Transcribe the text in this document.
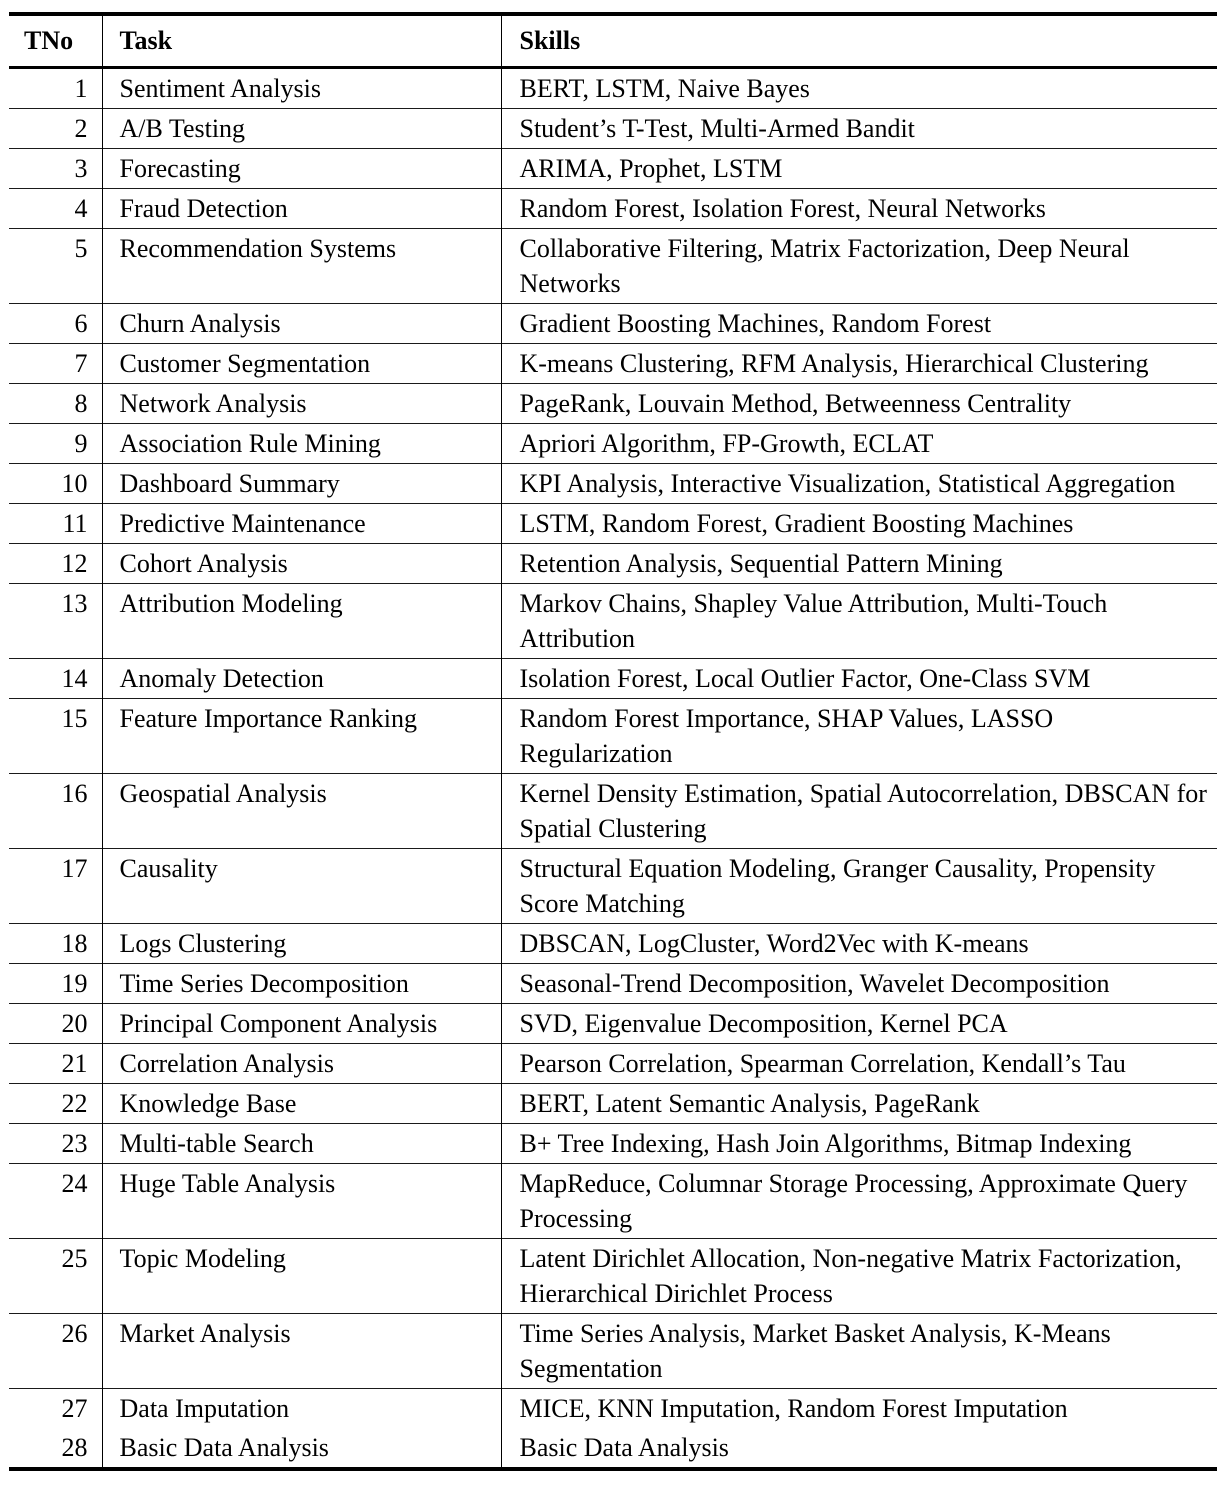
TNo	Task	Skills
1	Sentiment Analysis	BERT, LSTM, Naive Bayes
2	A/B Testing	Student’s T-Test, Multi-Armed Bandit
3	Forecasting	ARIMA, Prophet, LSTM
4	Fraud Detection	Random Forest, Isolation Forest, Neural Networks
5	Recommendation Systems	Collaborative Filtering, Matrix Factorization, Deep Neural Networks
6	Churn Analysis	Gradient Boosting Machines, Random Forest
7	Customer Segmentation	K-means Clustering, RFM Analysis, Hierarchical Clustering
8	Network Analysis	PageRank, Louvain Method, Betweenness Centrality
9	Association Rule Mining	Apriori Algorithm, FP-Growth, ECLAT
10	Dashboard Summary	KPI Analysis, Interactive Visualization, Statistical Aggregation
11	Predictive Maintenance	LSTM, Random Forest, Gradient Boosting Machines
12	Cohort Analysis	Retention Analysis, Sequential Pattern Mining
13	Attribution Modeling	Markov Chains, Shapley Value Attribution, Multi-Touch Attribution
14	Anomaly Detection	Isolation Forest, Local Outlier Factor, One-Class SVM
15	Feature Importance Ranking	Random Forest Importance, SHAP Values, LASSO Regularization
16	Geospatial Analysis	Kernel Density Estimation, Spatial Autocorrelation, DBSCAN for Spatial Clustering
17	Causality	Structural Equation Modeling, Granger Causality, Propensity Score Matching
18	Logs Clustering	DBSCAN, LogCluster, Word2Vec with K-means
19	Time Series Decomposition	Seasonal-Trend Decomposition, Wavelet Decomposition
20	Principal Component Analysis	SVD, Eigenvalue Decomposition, Kernel PCA
21	Correlation Analysis	Pearson Correlation, Spearman Correlation, Kendall’s Tau
22	Knowledge Base	BERT, Latent Semantic Analysis, PageRank
23	Multi-table Search	B+ Tree Indexing, Hash Join Algorithms, Bitmap Indexing
24	Huge Table Analysis	MapReduce, Columnar Storage Processing, Approximate Query Processing
25	Topic Modeling	Latent Dirichlet Allocation, Non-negative Matrix Factorization, Hierarchical Dirichlet Process
26	Market Analysis	Time Series Analysis, Market Basket Analysis, K-Means Segmentation
27	Data Imputation	MICE, KNN Imputation, Random Forest Imputation
28	Basic Data Analysis	Basic Data Analysis
